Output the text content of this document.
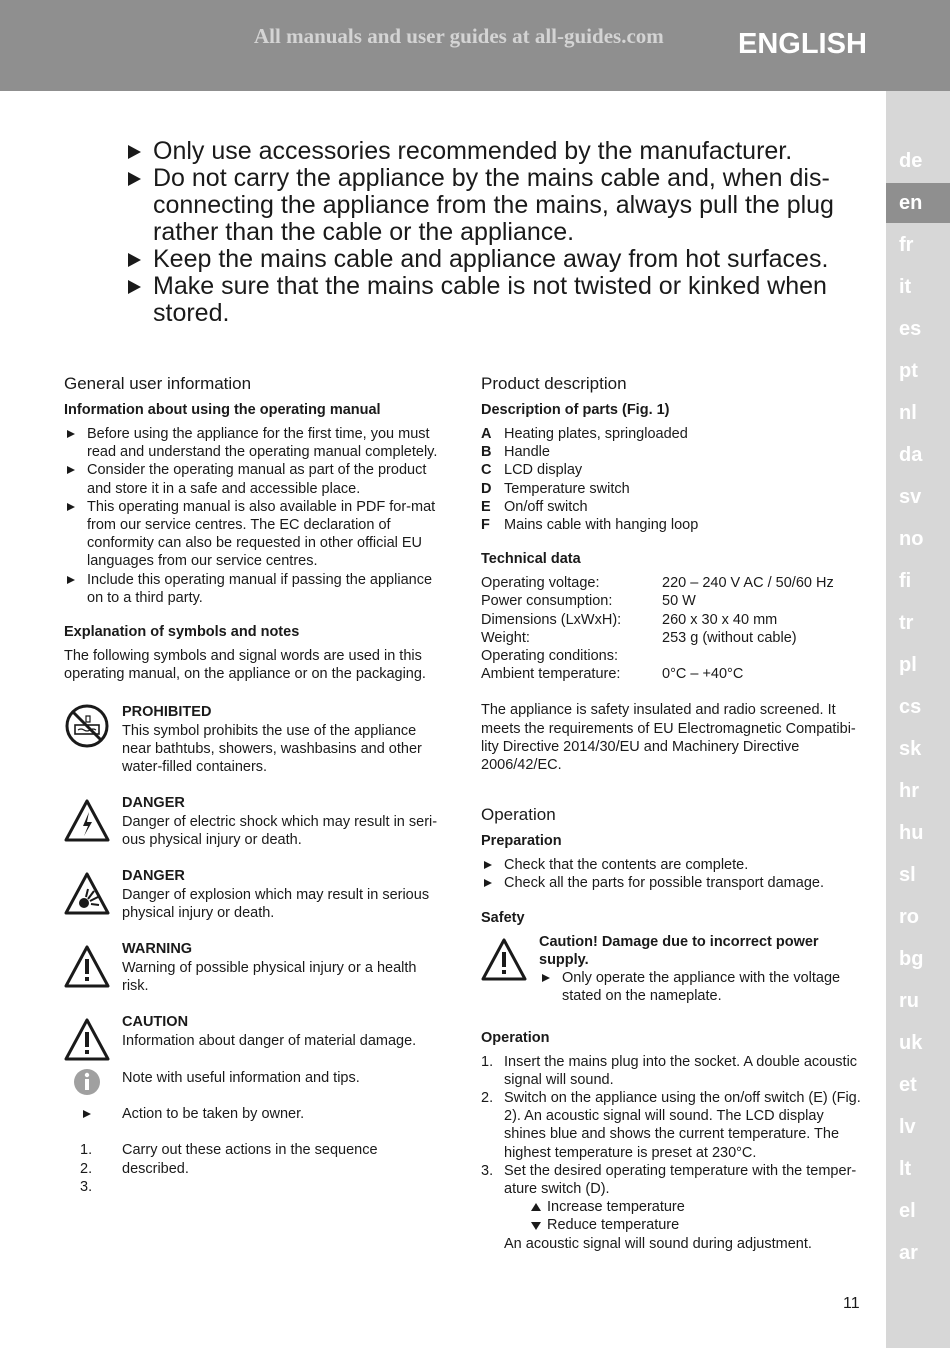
All manuals and user guides at all-guides.com	ENGLISH
de
en
fr
it
es
pt
nl
da
sv
no
fi
tr
pl
cs
sk
hr
hu
sl
ro
bg
ru
uk
et
lv
lt
el
ar
Only use accessories recommended by the manufacturer.
Do not carry the appliance by the mains cable and, when dis-connecting the appliance from the mains, always pull the plug rather than the cable or the appliance.
Keep the mains cable and appliance away from hot surfaces.
Make sure that the mains cable is not twisted or kinked when stored.
General user information
Information about using the operating manual
Before using the appliance for the first time, you must read and understand the operating manual completely.
Consider the operating manual as part of the product and store it in a safe and accessible place.
This operating manual is also available in PDF for-mat from our service centres. The EC declaration of conformity can also be requested in other official EU languages from our service centres.
Include this operating manual if passing the appliance on to a third party.
Explanation of symbols and notes

The following symbols and signal words are used in this operating manual, on the appliance or on the packaging.

PROHIBITED
This symbol prohibits the use of the appliance near bathtubs, showers, washbasins and other water-filled containers.
DANGER
Danger of electric shock which may result in seri-ous physical injury or death.
DANGER
Danger of explosion which may result in serious physical injury or death.
WARNING
Warning of possible physical injury or a health risk.
CAUTION
Information about danger of material damage.
Note with useful information and tips.
Action to be taken by owner.
1.
2.
3.
Carry out these actions in the sequence described.
Product description
Description of parts (Fig. 1)
A Heating plates, springloaded
B Handle
C LCD display
D Temperature switch
E On/off switch
F Mains cable with hanging loop
Technical data
Operating voltage:	220 – 240 V AC / 50/60 Hz
Power consumption:	50 W
Dimensions (LxWxH):	260 x 30 x 40 mm
Weight:	253 g (without cable)
Operating conditions:
Ambient temperature:	0°C – +40°C

The appliance is safety insulated and radio screened. It meets the requirements of EU Electromagnetic Compatibi-lity Directive 2014/30/EU and Machinery Directive 2006/42/EC.

Operation
Preparation
Check that the contents are complete.
Check all the parts for possible transport damage.
Safety
Caution! Damage due to incorrect power supply.
Only operate the appliance with the voltage stated on the nameplate.
Operation
1. Insert the mains plug into the socket. A double acoustic signal will sound.
2. Switch on the appliance using the on/off switch (E) (Fig. 2). An acoustic signal will sound. The LCD display shines blue and shows the current temperature. The highest temperature is preset at 230°C.
3. Set the desired operating temperature with the temper-ature switch (D).
Increase temperature
Reduce temperature
An acoustic signal will sound during adjustment.
11
